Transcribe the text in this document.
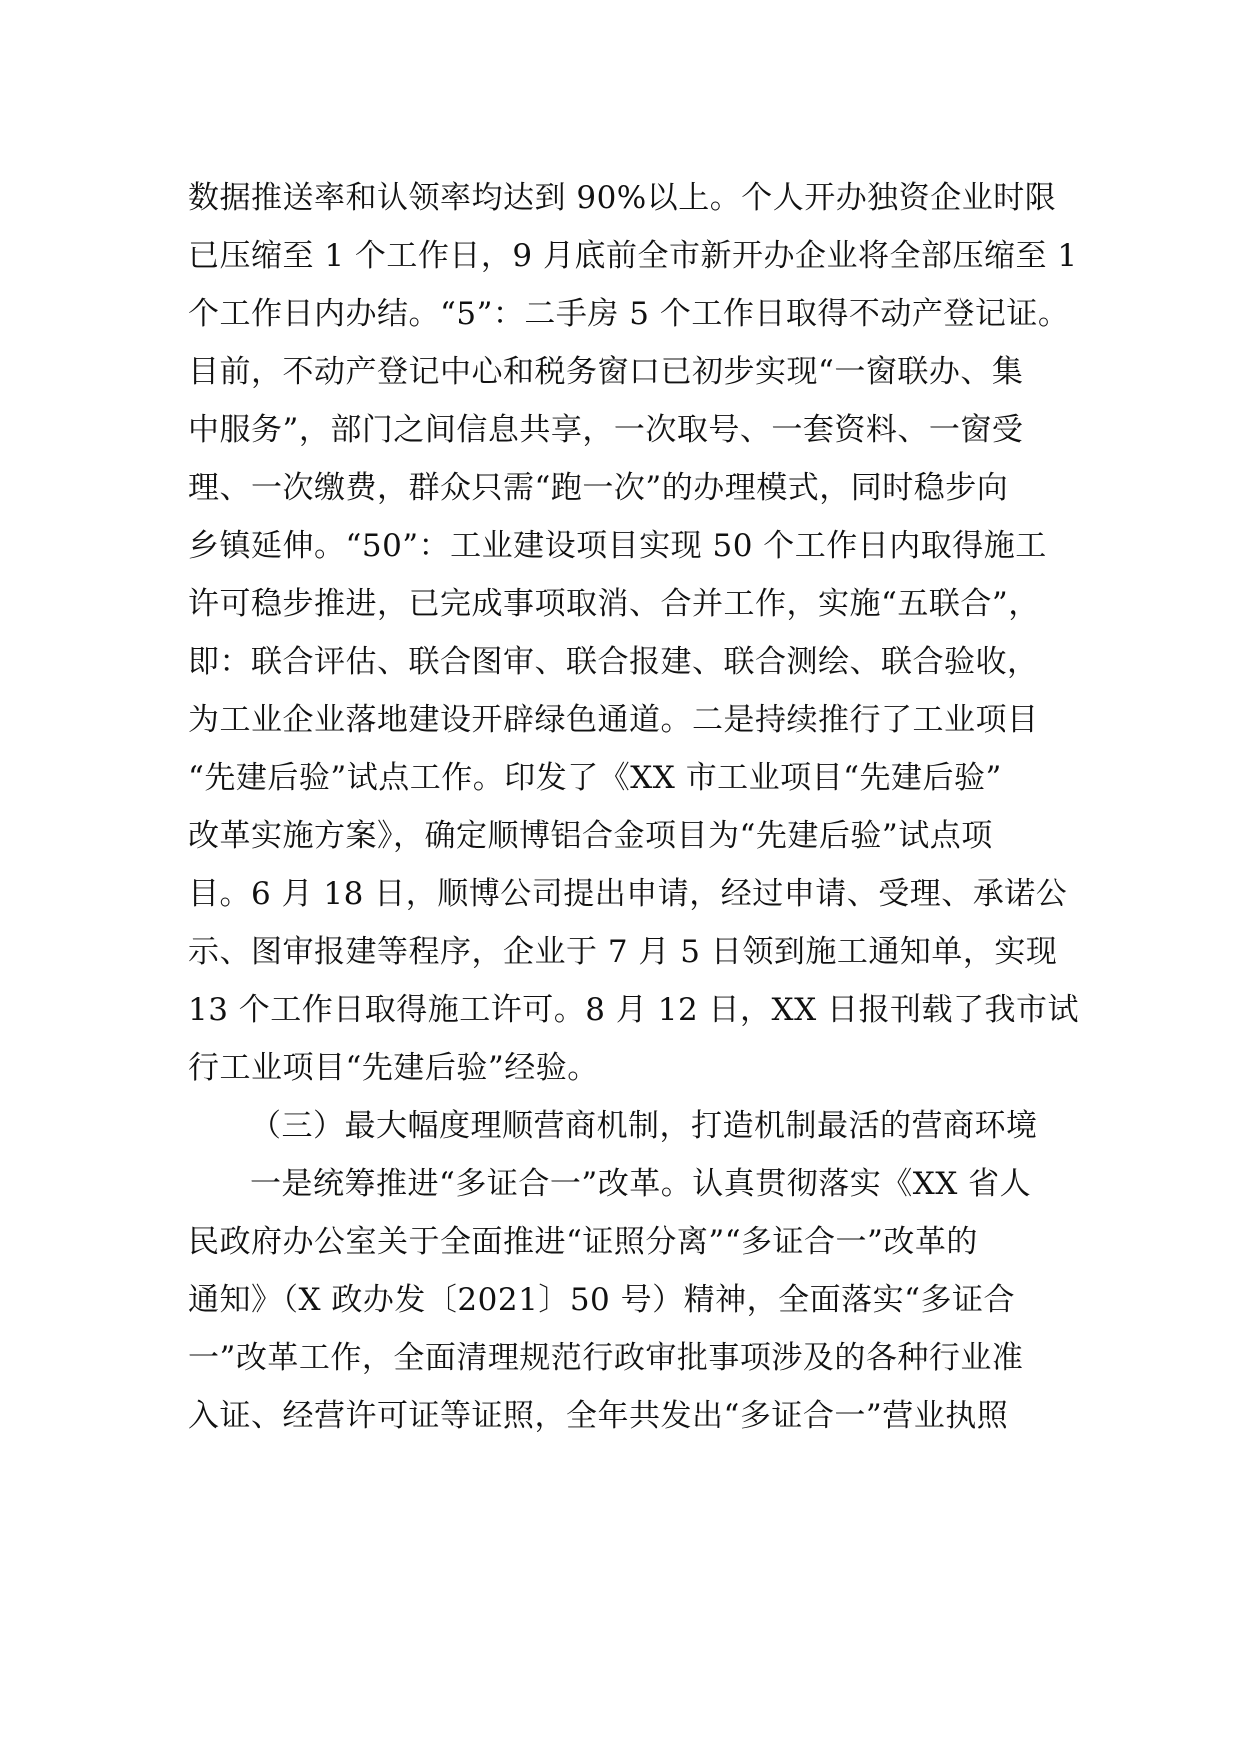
数据推送率和认领率均达到 90%以上。个人开办独资企业时限
已压缩至 1 个工作日，9 月底前全市新开办企业将全部压缩至 1
个工作日内办结。“5”：二手房 5 个工作日取得不动产登记证。
目前，不动产登记中心和税务窗口已初步实现“一窗联办、集
中服务”，部门之间信息共享，一次取号、一套资料、一窗受
理、一次缴费，群众只需“跑一次”的办理模式，同时稳步向
乡镇延伸。“50”：工业建设项目实现 50 个工作日内取得施工
许可稳步推进，已完成事项取消、合并工作，实施“五联合”，
即：联合评估、联合图审、联合报建、联合测绘、联合验收，
为工业企业落地建设开辟绿色通道。二是持续推行了工业项目
“先建后验”试点工作。印发了《XX 市工业项目“先建后验”
改革实施方案》，确定顺博铝合金项目为“先建后验”试点项
目。6 月 18 日，顺博公司提出申请，经过申请、受理、承诺公
示、图审报建等程序，企业于 7 月 5 日领到施工通知单，实现
13 个工作日取得施工许可。8 月 12 日，XX 日报刊载了我市试
行工业项目“先建后验”经验。
（三）最大幅度理顺营商机制，打造机制最活的营商环境
一是统筹推进“多证合一”改革。认真贯彻落实《XX 省人
民政府办公室关于全面推进“证照分离”“多证合一”改革的
通知》（X 政办发〔2021〕50 号）精神，全面落实“多证合
一”改革工作，全面清理规范行政审批事项涉及的各种行业准
入证、经营许可证等证照，全年共发出“多证合一”营业执照
